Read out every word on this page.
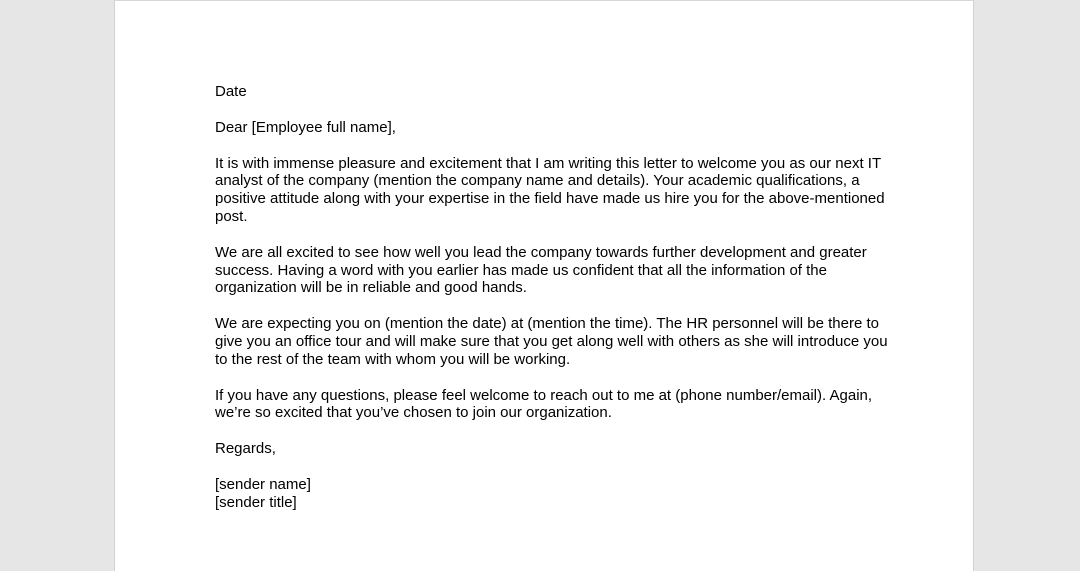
Date

Dear [Employee full name],

It is with immense pleasure and excitement that I am writing this letter to welcome you as our next IT analyst of the company (mention the company name and details). Your academic qualifications, a positive attitude along with your expertise in the field have made us hire you for the above-mentioned post.

We are all excited to see how well you lead the company towards further development and greater success. Having a word with you earlier has made us confident that all the information of the organization will be in reliable and good hands.

We are expecting you on (mention the date) at (mention the time). The HR personnel will be there to give you an office tour and will make sure that you get along well with others as she will introduce you to the rest of the team with whom you will be working.

If you have any questions, please feel welcome to reach out to me at (phone number/email). Again, we’re so excited that you’ve chosen to join our organization.

Regards,

[sender name]
[sender title]
